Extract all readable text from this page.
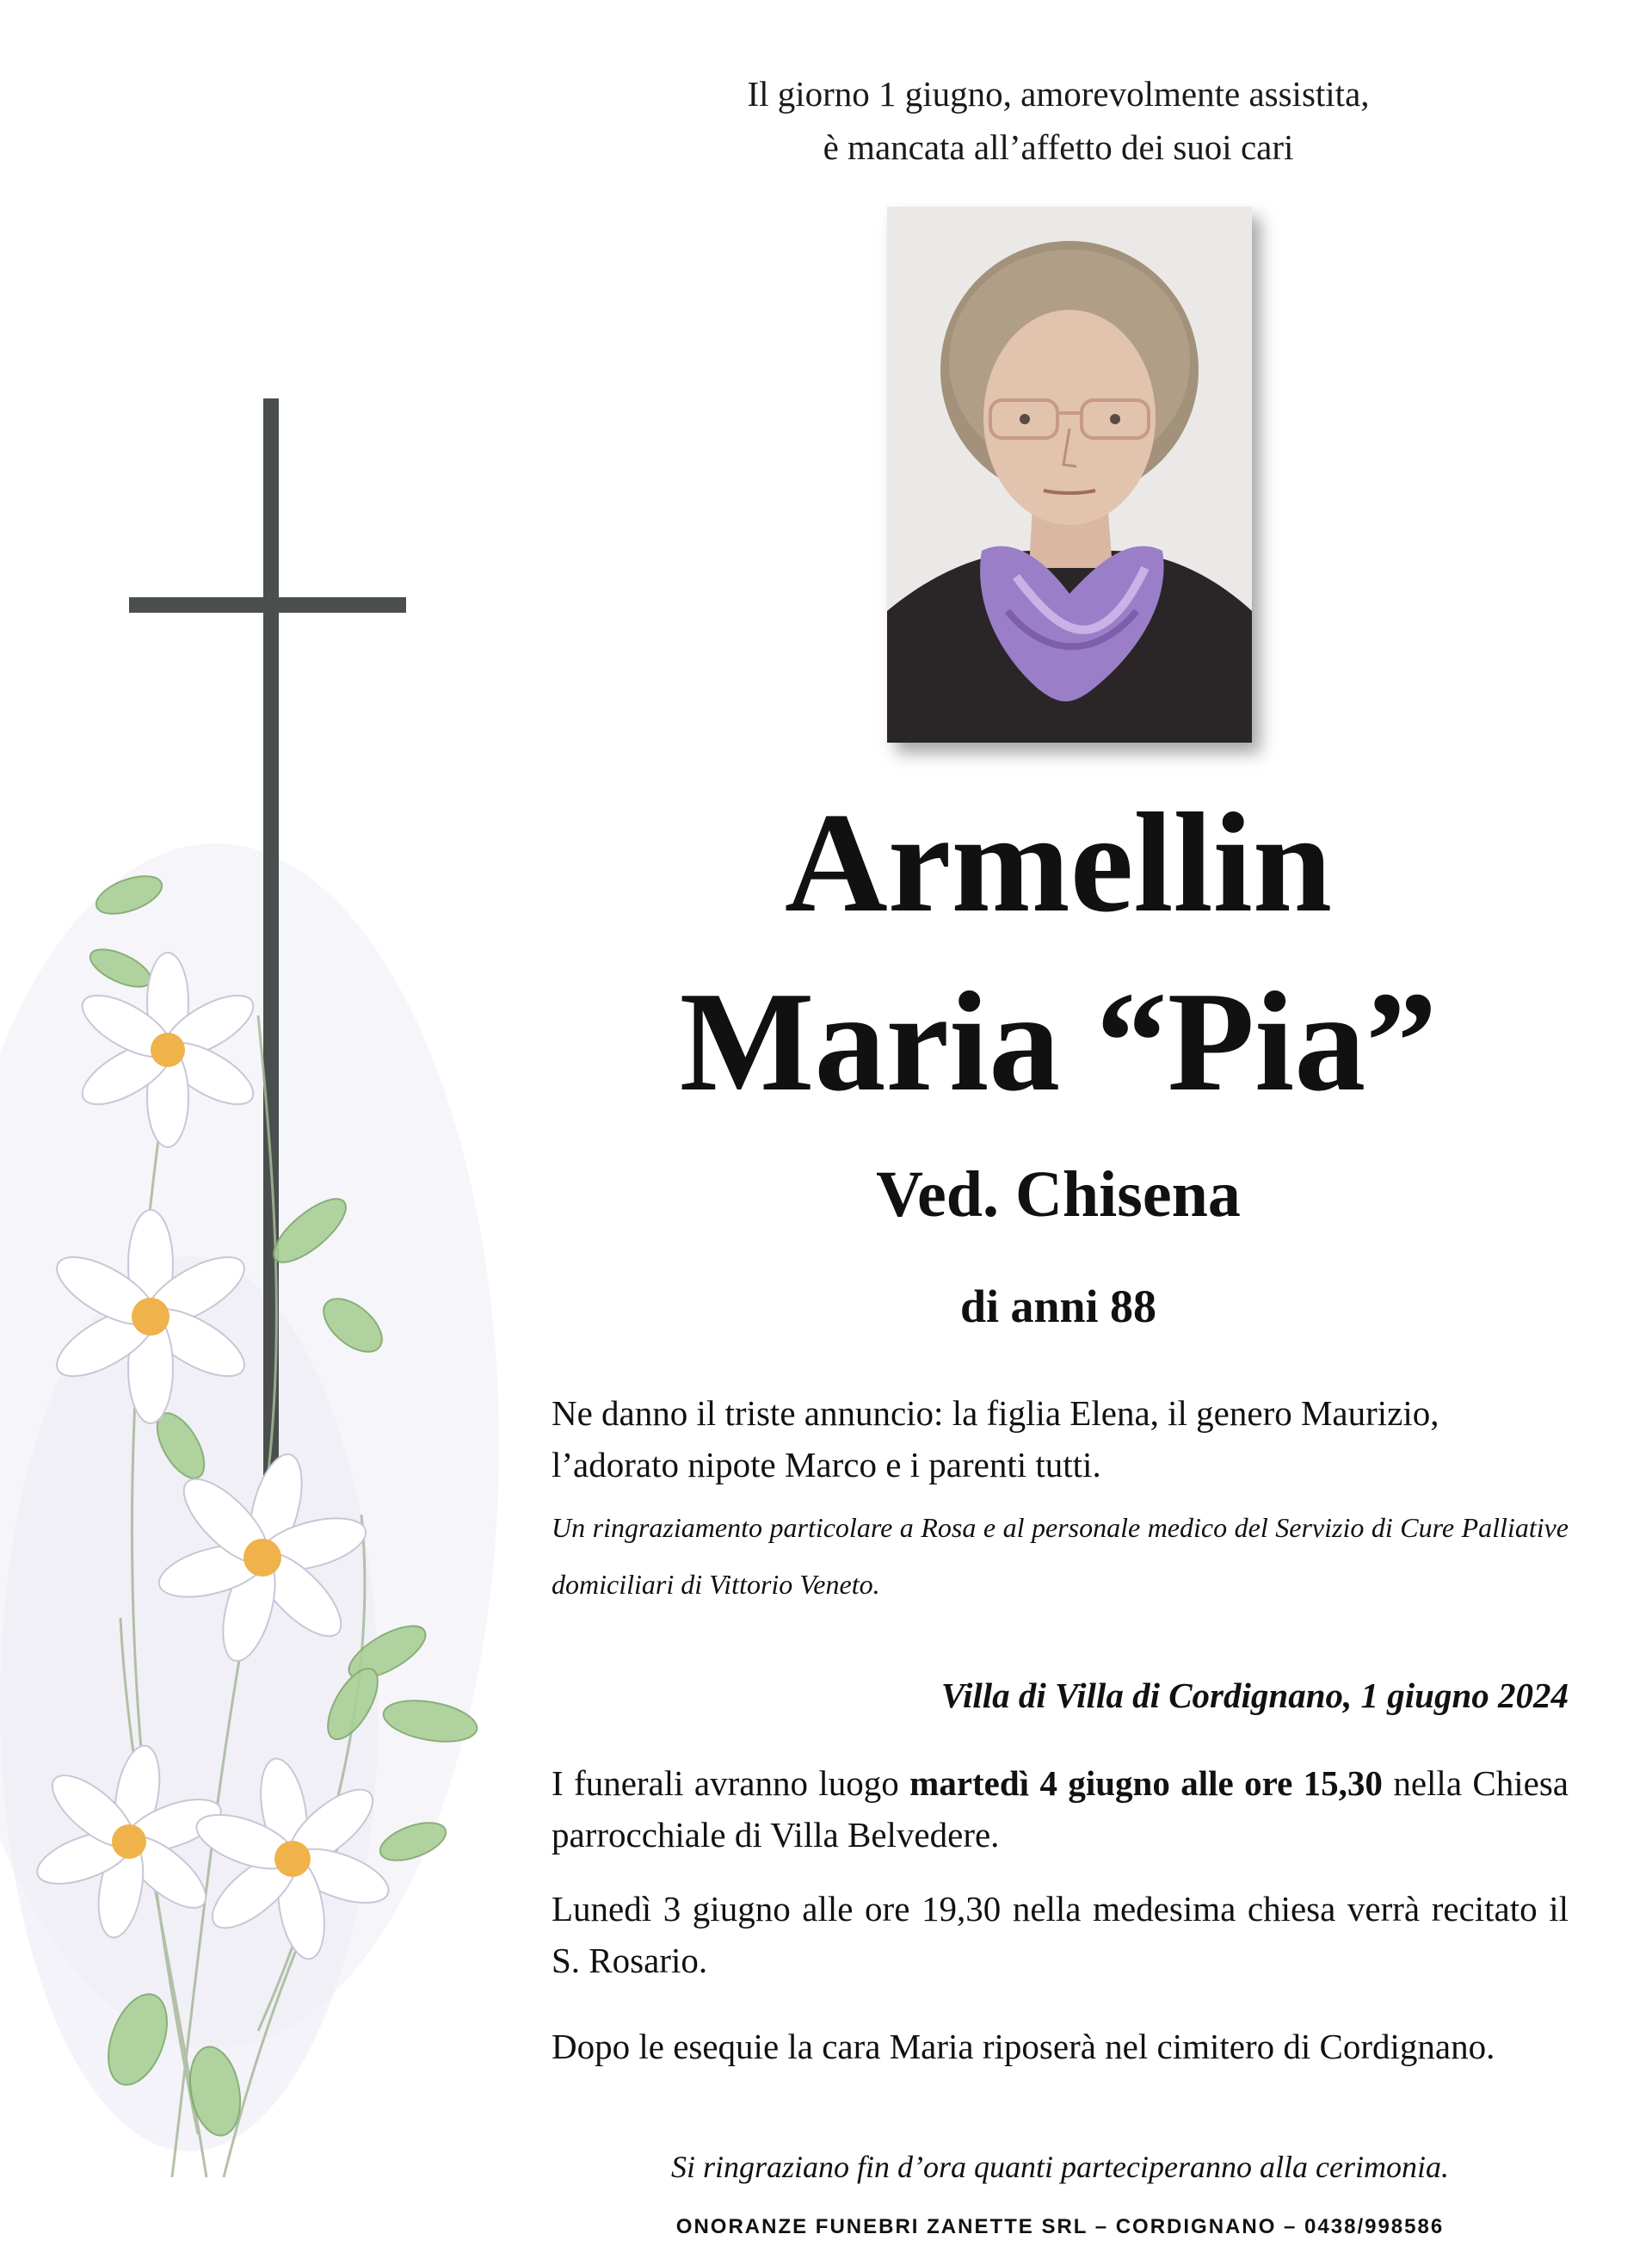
Il giorno 1 giugno, amorevolmente assistita,
è mancata all’affetto dei suoi cari
Armellin
Maria “Pia”
Ved. Chisena
di anni 88
Ne danno il triste annuncio: la figlia Elena, il genero Maurizio,
l’adorato nipote Marco e i parenti tutti.
Un ringraziamento particolare a Rosa e al personale medico del Servizio di Cure Palliative domiciliari di Vittorio Veneto.
Villa di Villa di Cordignano, 1 giugno 2024
I funerali avranno luogo martedì 4 giugno alle ore 15,30 nella Chiesa parrocchiale di Villa Belvedere.
Lunedì 3 giugno alle ore 19,30 nella medesima chiesa verrà recitato il S. Rosario.
Dopo le esequie la cara Maria riposerà nel cimitero di Cordignano.
Si ringraziano fin d’ora quanti parteciperanno alla cerimonia.
ONORANZE FUNEBRI ZANETTE SRL – CORDIGNANO – 0438/998586
